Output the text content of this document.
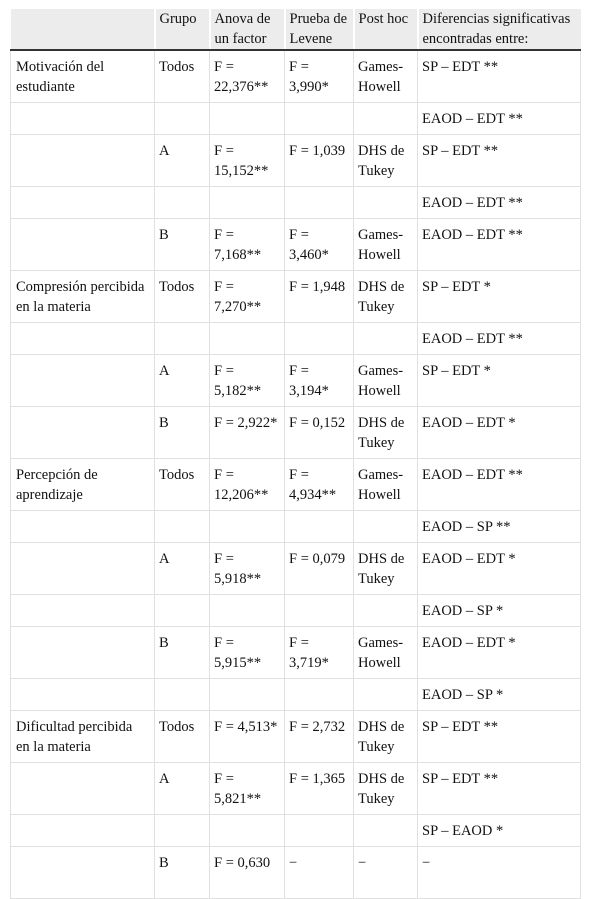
	Grupo	Anova de un factor	Prueba de Levene	Post hoc	Diferencias significativas encontradas entre:
Motivación del estudiante	Todos	F = 22,376**	F = 3,990*	Games-Howell	SP – EDT **
					EAOD – EDT **
	A	F = 15,152**	F = 1,039	DHS de Tukey	SP – EDT **
					EAOD – EDT **
	B	F = 7,168**	F = 3,460*	Games-Howell	EAOD – EDT **
Compresión percibida en la materia	Todos	F = 7,270**	F = 1,948	DHS de Tukey	SP – EDT *
					EAOD – EDT **
	A	F = 5,182**	F = 3,194*	Games-Howell	SP – EDT *
	B	F = 2,922*	F = 0,152	DHS de Tukey	EAOD – EDT *
Percepción de aprendizaje	Todos	F = 12,206**	F = 4,934**	Games-Howell	EAOD – EDT **
					EAOD – SP **
	A	F = 5,918**	F = 0,079	DHS de Tukey	EAOD – EDT *
					EAOD – SP *
	B	F = 5,915**	F = 3,719*	Games-Howell	EAOD – EDT *
					EAOD – SP *
Dificultad percibida en la materia	Todos	F = 4,513*	F = 2,732	DHS de Tukey	SP – EDT **
	A	F = 5,821**	F = 1,365	DHS de Tukey	SP – EDT **
					SP – EAOD *
	B	F = 0,630	−	−	−
